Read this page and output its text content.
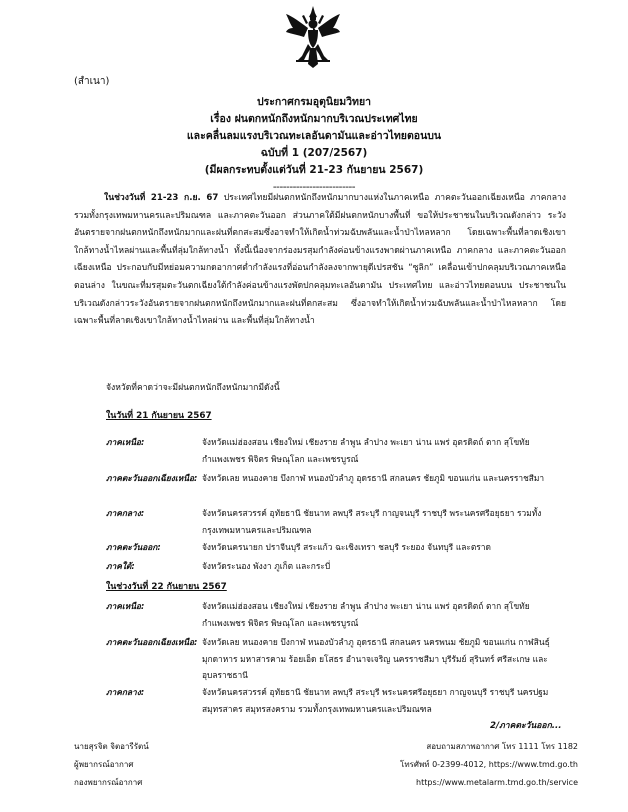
(สำเนา)
ประกาศกรมอุตุนิยมวิทยา
เรื่อง ฝนตกหนักถึงหนักมากบริเวณประเทศไทย
และคลื่นลมแรงบริเวณทะเลอันดามันและอ่าวไทยตอนบน
ฉบับที่ 1 (207/2567)
(มีผลกระทบตั้งแต่วันที่ 21-23 กันยายน 2567)
-------------------------
ในช่วงวันที่ 21-23 ก.ย. 67 ประเทศไทยมีฝนตกหนักถึงหนักมากบางแห่งในภาคเหนือ ภาคตะวันออกเฉียงเหนือ ภาคกลาง รวมทั้งกรุงเทพมหานครและปริมณฑล และภาคตะวันออก ส่วนภาคใต้มีฝนตกหนักบางพื้นที่ ขอให้ประชาชนในบริเวณดังกล่าว ระวังอันตรายจากฝนตกหนักถึงหนักมากและฝนที่ตกสะสมซึ่งอาจทำให้เกิดน้ำท่วมฉับพลันและน้ำป่าไหลหลาก โดยเฉพาะพื้นที่ลาดเชิงเขาใกล้ทางน้ำไหลผ่านและพื้นที่ลุ่มใกล้ทางน้ำ ทั้งนี้เนื่องจากร่องมรสุมกำลังค่อนข้างแรงพาดผ่านภาคเหนือ ภาคกลาง และภาคตะวันออกเฉียงเหนือ ประกอบกับมีหย่อมความกดอากาศต่ำกำลังแรงที่อ่อนกำลังลงจากพายุดีเปรสชัน “ซูลิก” เคลื่อนเข้าปกคลุมบริเวณภาคเหนือตอนล่าง ในขณะที่มรสุมตะวันตกเฉียงใต้กำลังค่อนข้างแรงพัดปกคลุมทะเลอันดามัน ประเทศไทย และอ่าวไทยตอนบน ประชาชนในบริเวณดังกล่าวระวังอันตรายจากฝนตกหนักถึงหนักมากและฝนที่ตกสะสม ซึ่งอาจทำให้เกิดน้ำท่วมฉับพลันและน้ำป่าไหลหลาก โดยเฉพาะพื้นที่ลาดเชิงเขาใกล้ทางน้ำไหลผ่าน และพื้นที่ลุ่มใกล้ทางน้ำ
จังหวัดที่คาดว่าจะมีฝนตกหนักถึงหนักมากมีดังนี้
ในวันที่ 21 กันยายน 2567
ภาคเหนือ:	จังหวัดแม่ฮ่องสอน เชียงใหม่ เชียงราย ลำพูน ลำปาง พะเยา น่าน แพร่ อุตรดิตถ์ ตาก สุโขทัย กำแพงเพชร พิจิตร พิษณุโลก และเพชรบูรณ์
ภาคตะวันออกเฉียงเหนือ: จังหวัดเลย หนองคาย บึงกาฬ หนองบัวลำภู อุดรธานี สกลนคร ชัยภูมิ ขอนแก่น และนครราชสีมา
ภาคกลาง:	จังหวัดนครสวรรค์ อุทัยธานี ชัยนาท ลพบุรี สระบุรี กาญจนบุรี ราชบุรี พระนครศรีอยุธยา รวมทั้งกรุงเทพมหานครและปริมณฑล
ภาคตะวันออก:	จังหวัดนครนายก ปราจีนบุรี สระแก้ว ฉะเชิงเทรา ชลบุรี ระยอง จันทบุรี และตราด
ภาคใต้:	จังหวัดระนอง พังงา ภูเก็ต และกระบี่
ในช่วงวันที่ 22 กันยายน 2567
ภาคเหนือ:	จังหวัดแม่ฮ่องสอน เชียงใหม่ เชียงราย ลำพูน ลำปาง พะเยา น่าน แพร่ อุตรดิตถ์ ตาก สุโขทัย กำแพงเพชร พิจิตร พิษณุโลก และเพชรบูรณ์
ภาคตะวันออกเฉียงเหนือ: จังหวัดเลย หนองคาย บึงกาฬ หนองบัวลำภู อุดรธานี สกลนคร นครพนม ชัยภูมิ ขอนแก่น กาฬสินธุ์ มุกดาหาร มหาสารคาม ร้อยเอ็ด ยโสธร อำนาจเจริญ นครราชสีมา บุรีรัมย์ สุรินทร์ ศรีสะเกษ และอุบลราชธานี
ภาคกลาง:	จังหวัดนครสวรรค์ อุทัยธานี ชัยนาท ลพบุรี สระบุรี พระนครศรีอยุธยา กาญจนบุรี ราชบุรี นครปฐม สมุทรสาคร สมุทรสงคราม รวมทั้งกรุงเทพมหานครและปริมณฑล
2/ภาคตะวันออก...
นายสุรจิต จิตอารีรัตน์
ผู้พยากรณ์อากาศ
กองพยากรณ์อากาศ
สอบถามสภาพอากาศ โทร 1111 โทร 1182
โทรศัพท์ 0-2399-4012, https://www.tmd.go.th
https://www.metalarm.tmd.go.th/service
